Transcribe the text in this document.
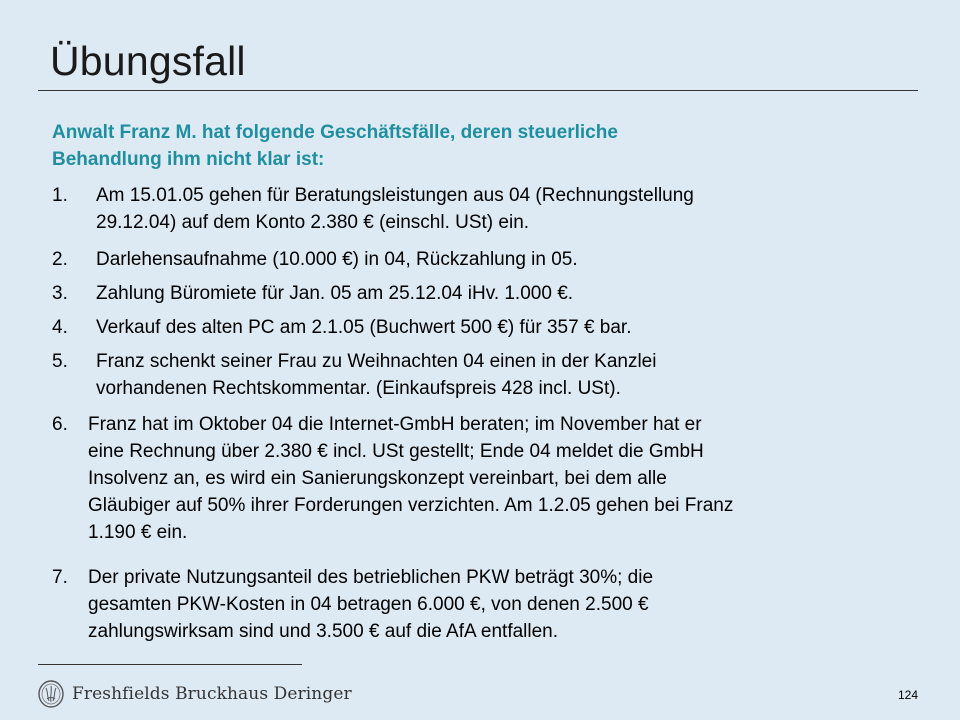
Übungsfall
Anwalt Franz M. hat folgende Geschäftsfälle, deren steuerliche
Behandlung ihm nicht klar ist:
1. Am 15.01.05 gehen für Beratungsleistungen aus 04 (Rechnungstellung
29.12.04) auf dem Konto 2.380 € (einschl. USt) ein.
2. Darlehensaufnahme (10.000 €) in 04, Rückzahlung in 05.
3. Zahlung Büromiete für Jan. 05 am 25.12.04 iHv. 1.000 €.
4. Verkauf des alten PC am 2.1.05 (Buchwert 500 €) für 357 € bar.
5. Franz schenkt seiner Frau zu Weihnachten 04 einen in der Kanzlei
vorhandenen Rechtskommentar. (Einkaufspreis 428 incl. USt).
6. Franz hat im Oktober 04 die Internet-GmbH beraten; im November hat er
eine Rechnung über 2.380 € incl. USt gestellt; Ende 04 meldet die GmbH
Insolvenz an, es wird ein Sanierungskonzept vereinbart, bei dem alle
Gläubiger auf 50% ihrer Forderungen verzichten. Am 1.2.05 gehen bei Franz
1.190 € ein.
7. Der private Nutzungsanteil des betrieblichen PKW beträgt 30%; die
gesamten PKW-Kosten in 04 betragen 6.000 €, von denen 2.500 €
zahlungswirksam sind und 3.500 € auf die AfA entfallen.
Freshfields Bruckhaus Deringer	124
